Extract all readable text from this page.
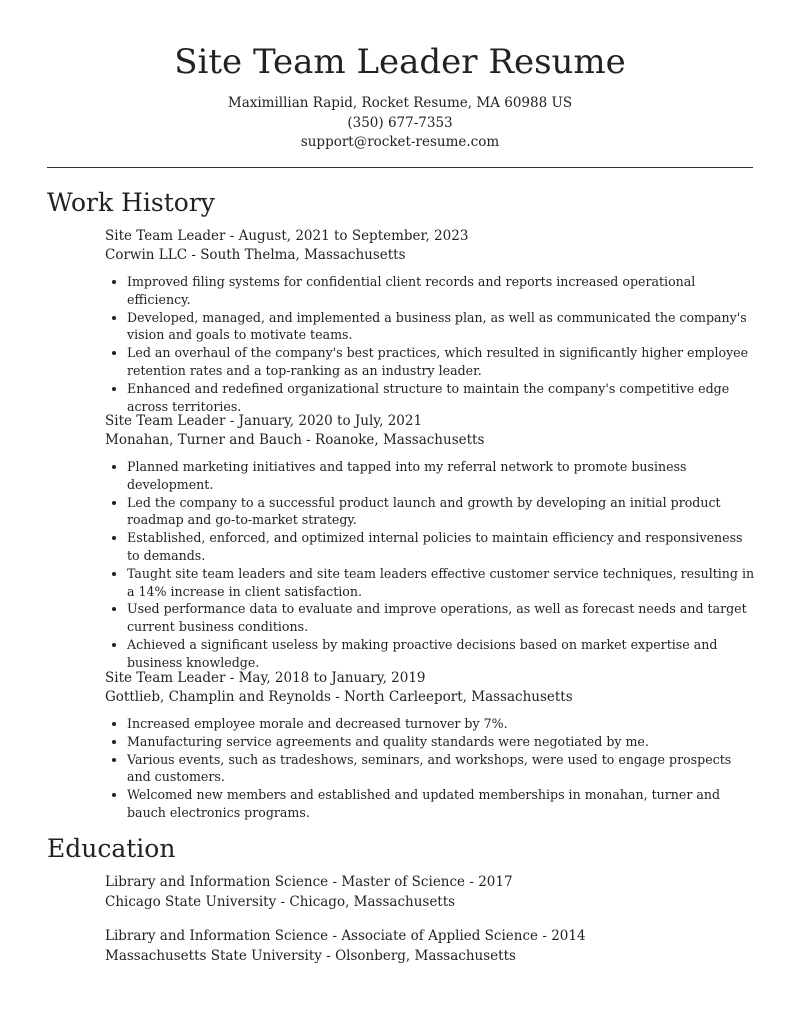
Site Team Leader Resume
Maximillian Rapid, Rocket Resume, MA 60988 US
(350) 677-7353
support@rocket-resume.com
Work History
Site Team Leader - August, 2021 to September, 2023
Corwin LLC - South Thelma, Massachusetts
• Improved filing systems for confidential client records and reports increased operational efficiency.
• Developed, managed, and implemented a business plan, as well as communicated the company's vision and goals to motivate teams.
• Led an overhaul of the company's best practices, which resulted in significantly higher employee retention rates and a top-ranking as an industry leader.
• Enhanced and redefined organizational structure to maintain the company's competitive edge across territories.
Site Team Leader - January, 2020 to July, 2021
Monahan, Turner and Bauch - Roanoke, Massachusetts
• Planned marketing initiatives and tapped into my referral network to promote business development.
• Led the company to a successful product launch and growth by developing an initial product roadmap and go-to-market strategy.
• Established, enforced, and optimized internal policies to maintain efficiency and responsiveness to demands.
• Taught site team leaders and site team leaders effective customer service techniques, resulting in a 14% increase in client satisfaction.
• Used performance data to evaluate and improve operations, as well as forecast needs and target current business conditions.
• Achieved a significant useless by making proactive decisions based on market expertise and business knowledge.
Site Team Leader - May, 2018 to January, 2019
Gottlieb, Champlin and Reynolds - North Carleeport, Massachusetts
• Increased employee morale and decreased turnover by 7%.
• Manufacturing service agreements and quality standards were negotiated by me.
• Various events, such as tradeshows, seminars, and workshops, were used to engage prospects and customers.
• Welcomed new members and established and updated memberships in monahan, turner and bauch electronics programs.
Education
Library and Information Science - Master of Science - 2017
Chicago State University - Chicago, Massachusetts
Library and Information Science - Associate of Applied Science - 2014
Massachusetts State University - Olsonberg, Massachusetts
